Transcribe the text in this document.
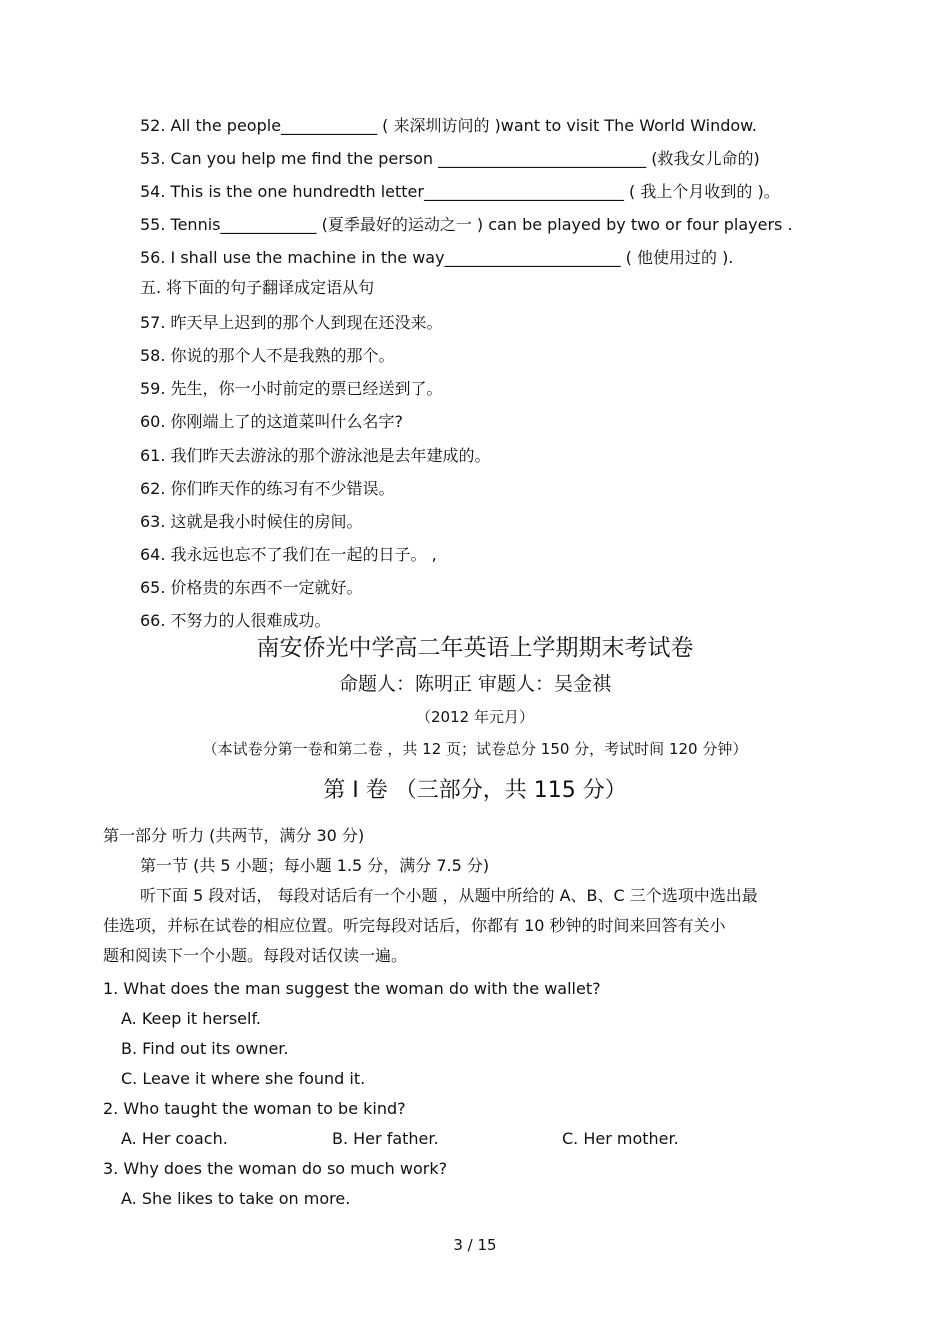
52. All the people____________ ( 来深圳访问的 )want to visit The World Window.
53. Can you help me find the person __________________________ (救我女儿命的)
54. This is the one hundredth letter_________________________ ( 我上个月收到的 )。
55. Tennis____________ (夏季最好的运动之一 ) can be played by two or four players .
56. I shall use the machine in the way______________________ ( 他使用过的 ).
五. 将下面的句子翻译成定语从句
57. 昨天早上迟到的那个人到现在还没来。
58. 你说的那个人不是我熟的那个。
59. 先生，你一小时前定的票已经送到了。
60. 你刚端上了的这道菜叫什么名字?
61. 我们昨天去游泳的那个游泳池是去年建成的。
62. 你们昨天作的练习有不少错误。
63. 这就是我小时候住的房间。
64. 我永远也忘不了我们在一起的日子。 ,
65. 价格贵的东西不一定就好。
66. 不努力的人很难成功。
南安侨光中学高二年英语上学期期末考试卷
命题人：陈明正 审题人：吴金祺
（2012 年元月）
（本试卷分第一卷和第二卷 ，共 12 页；试卷总分 150 分，考试时间 120 分钟）
第 I 卷 （三部分，共 115 分）
第一部分 听力 (共两节，满分 30 分)
第一节 (共 5 小题；每小题 1.5 分，满分 7.5 分)
听下面 5 段对话， 每段对话后有一个小题 ，从题中所给的 A、B、C 三个选项中选出最
佳选项，并标在试卷的相应位置。听完每段对话后，你都有 10 秒钟的时间来回答有关小
题和阅读下一个小题。每段对话仅读一遍。
1. What does the man suggest the woman do with the wallet?
A. Keep it herself.
B. Find out its owner.
C. Leave it where she found it.
2. Who taught the woman to be kind?
A. Her coach.	B. Her father.	C. Her mother.
3. Why does the woman do so much work?
A. She likes to take on more.
3 / 15
